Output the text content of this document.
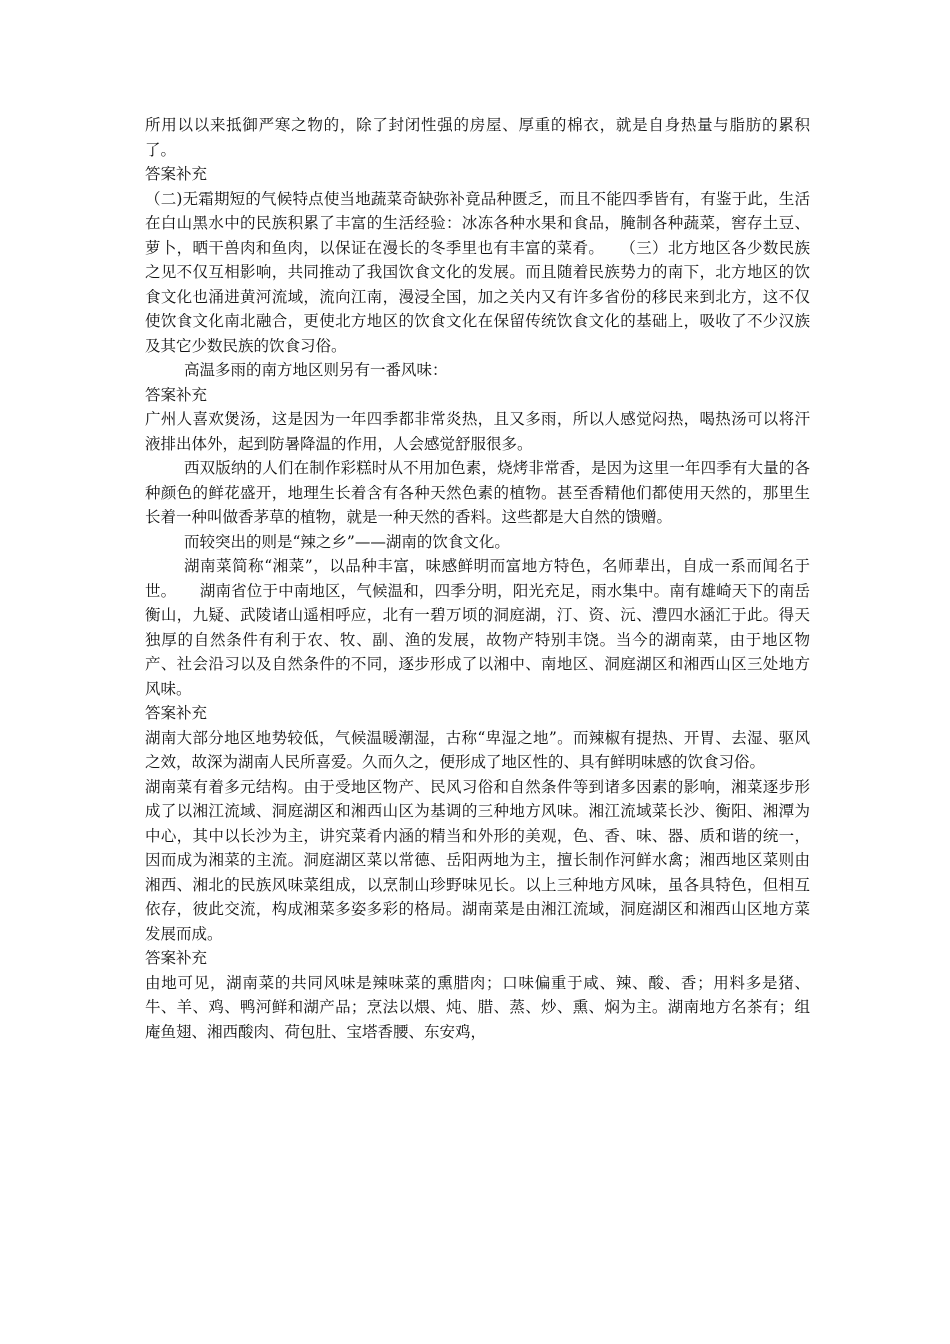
所用以以来抵御严寒之物的，除了封闭性强的房屋、厚重的棉衣，就是自身热量与脂肪的累积了。

答案补充

（二)无霜期短的气候特点使当地蔬菜奇缺弥补竟品种匮乏，而且不能四季皆有，有鉴于此，生活在白山黑水中的民族积累了丰富的生活经验：冰冻各种水果和食品，腌制各种蔬菜，窖存土豆、萝卜，晒干兽肉和鱼肉，以保证在漫长的冬季里也有丰富的菜肴。　　（三）北方地区各少数民族之见不仅互相影响，共同推动了我国饮食文化的发展。而且随着民族势力的南下，北方地区的饮食文化也涌进黄河流域，流向江南，漫浸全国，加之关内又有许多省份的移民来到北方，这不仅使饮食文化南北融合，更使北方地区的饮食文化在保留传统饮食文化的基础上，吸收了不少汉族及其它少数民族的饮食习俗。

高温多雨的南方地区则另有一番风味：

答案补充

广州人喜欢煲汤，这是因为一年四季都非常炎热，且又多雨，所以人感觉闷热，喝热汤可以将汗液排出体外，起到防暑降温的作用，人会感觉舒服很多。

西双版纳的人们在制作彩糕时从不用加色素，烧烤非常香，是因为这里一年四季有大量的各种颜色的鲜花盛开，地理生长着含有各种天然色素的植物。甚至香精他们都使用天然的，那里生长着一种叫做香茅草的植物，就是一种天然的香料。这些都是大自然的馈赠。

而较突出的则是“辣之乡”——湖南的饮食文化。

湖南菜简称“湘菜”，以品种丰富，味感鲜明而富地方特色，名师辈出，自成一系而闻名于世。　　湖南省位于中南地区，气候温和，四季分明，阳光充足，雨水集中。南有雄崎天下的南岳衡山，九疑、武陵诸山遥相呼应，北有一碧万顷的洞庭湖，汀、资、沅、澧四水涵汇于此。得天独厚的自然条件有利于农、牧、副、渔的发展，故物产特别丰饶。当今的湖南菜，由于地区物产、社会沿习以及自然条件的不同，逐步形成了以湘中、南地区、洞庭湖区和湘西山区三处地方风味。

答案补充

湖南大部分地区地势较低，气候温暖潮湿，古称“卑湿之地”。而辣椒有提热、开胃、去湿、驱风之效，故深为湖南人民所喜爱。久而久之，便形成了地区性的、具有鲜明味感的饮食习俗。

湖南菜有着多元结构。由于受地区物产、民风习俗和自然条件等到诸多因素的影响，湘菜逐步形成了以湘江流域、洞庭湖区和湘西山区为基调的三种地方风味。湘江流域菜长沙、衡阳、湘潭为中心，其中以长沙为主，讲究菜肴内涵的精当和外形的美观，色、香、味、器、质和谐的统一，因而成为湘菜的主流。洞庭湖区菜以常德、岳阳两地为主，擅长制作河鲜水禽；湘西地区菜则由湘西、湘北的民族风味菜组成，以烹制山珍野味见长。以上三种地方风味，虽各具特色，但相互依存，彼此交流，构成湘菜多姿多彩的格局。湖南菜是由湘江流域，洞庭湖区和湘西山区地方菜发展而成。

答案补充

由地可见，湖南菜的共同风味是辣味菜的熏腊肉；口味偏重于咸、辣、酸、香；用料多是猪、牛、羊、鸡、鸭河鲜和湖产品；烹法以煨、炖、腊、蒸、炒、熏、焖为主。湖南地方名茶有；组庵鱼翅、湘西酸肉、荷包肚、宝塔香腰、东安鸡，
